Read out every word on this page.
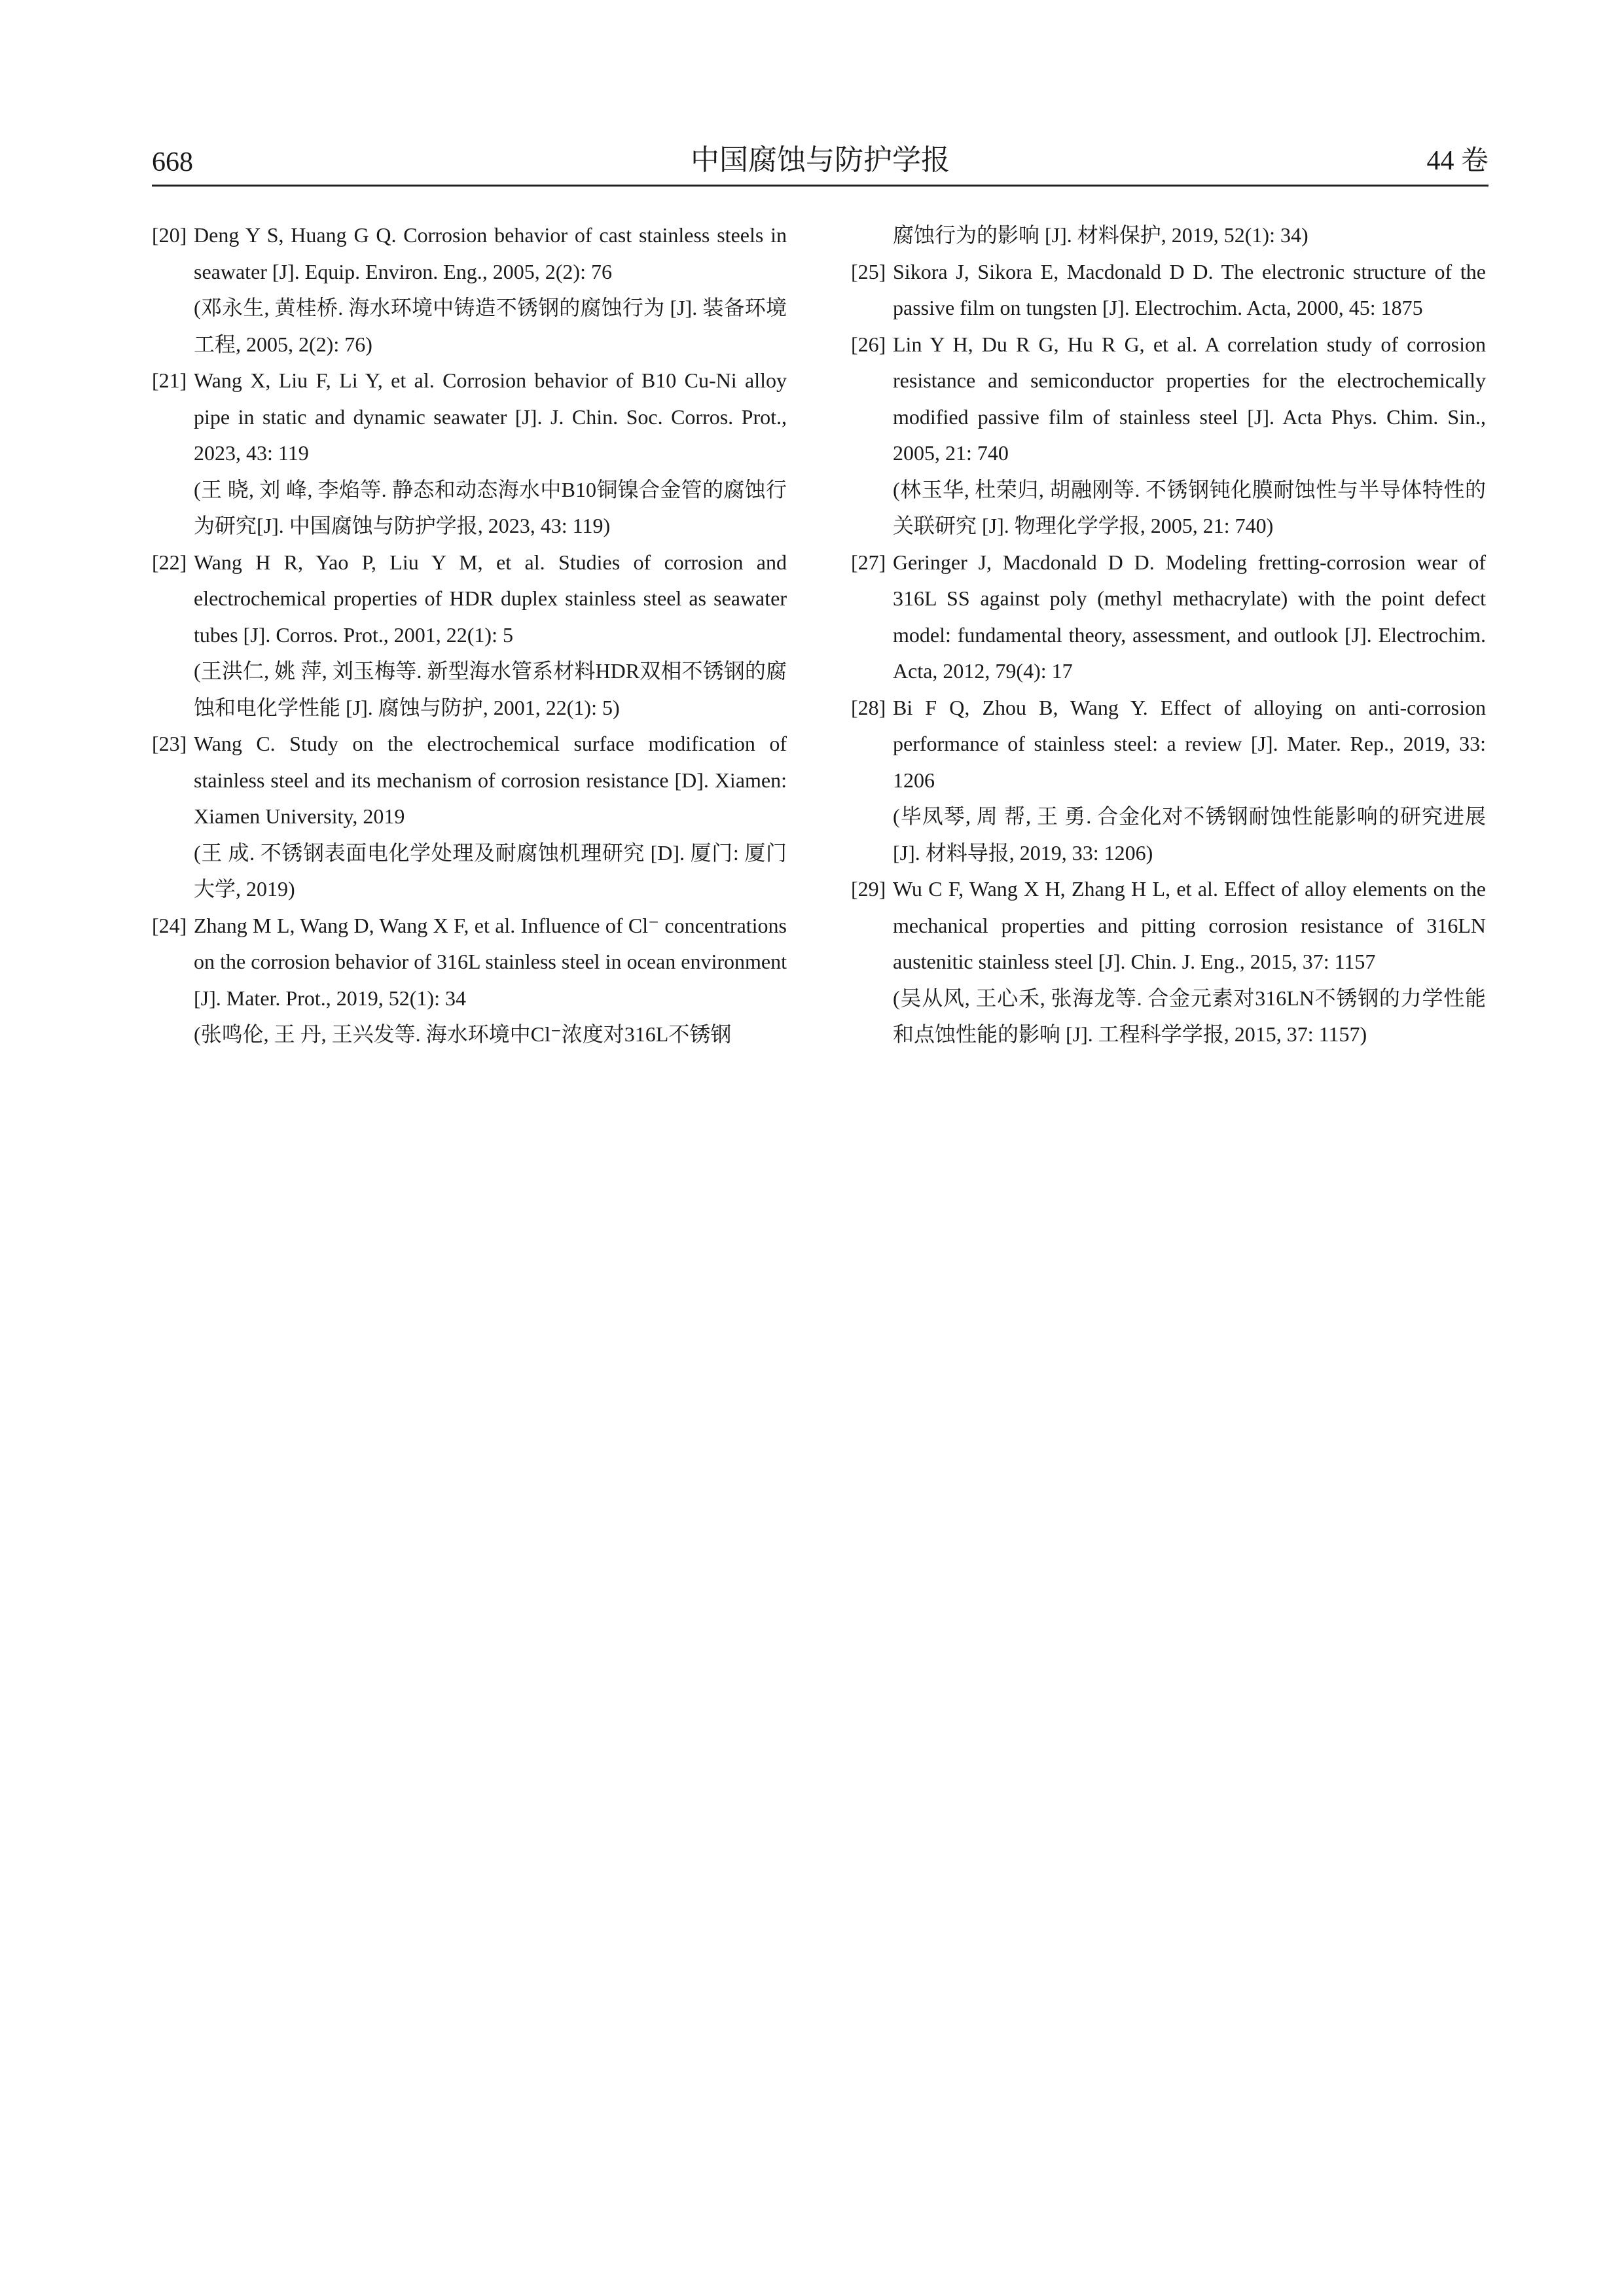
668	中国腐蚀与防护学报	44 卷
[20] Deng Y S, Huang G Q. Corrosion behavior of cast stainless steels in seawater [J]. Equip. Environ. Eng., 2005, 2(2): 76
(邓永生, 黄桂桥. 海水环境中铸造不锈钢的腐蚀行为 [J]. 装备环境工程, 2005, 2(2): 76)
[21] Wang X, Liu F, Li Y, et al. Corrosion behavior of B10 Cu-Ni alloy pipe in static and dynamic seawater [J]. J. Chin. Soc. Corros. Prot., 2023, 43: 119
(王 晓, 刘 峰, 李焰等. 静态和动态海水中B10铜镍合金管的腐蚀行为研究[J]. 中国腐蚀与防护学报, 2023, 43: 119)
[22] Wang H R, Yao P, Liu Y M, et al. Studies of corrosion and electrochemical properties of HDR duplex stainless steel as seawater tubes [J]. Corros. Prot., 2001, 22(1): 5
(王洪仁, 姚 萍, 刘玉梅等. 新型海水管系材料HDR双相不锈钢的腐蚀和电化学性能 [J]. 腐蚀与防护, 2001, 22(1): 5)
[23] Wang C. Study on the electrochemical surface modification of stainless steel and its mechanism of corrosion resistance [D]. Xiamen: Xiamen University, 2019
(王 成. 不锈钢表面电化学处理及耐腐蚀机理研究 [D]. 厦门: 厦门大学, 2019)
[24] Zhang M L, Wang D, Wang X F, et al. Influence of Cl⁻ concentrations on the corrosion behavior of 316L stainless steel in ocean environment [J]. Mater. Prot., 2019, 52(1): 34
(张鸣伦, 王 丹, 王兴发等. 海水环境中Cl⁻浓度对316L不锈钢
腐蚀行为的影响 [J]. 材料保护, 2019, 52(1): 34)
[25] Sikora J, Sikora E, Macdonald D D. The electronic structure of the passive film on tungsten [J]. Electrochim. Acta, 2000, 45: 1875
[26] Lin Y H, Du R G, Hu R G, et al. A correlation study of corrosion resistance and semiconductor properties for the electrochemically modified passive film of stainless steel [J]. Acta Phys. Chim. Sin., 2005, 21: 740
(林玉华, 杜荣归, 胡融刚等. 不锈钢钝化膜耐蚀性与半导体特性的关联研究 [J]. 物理化学学报, 2005, 21: 740)
[27] Geringer J, Macdonald D D. Modeling fretting-corrosion wear of 316L SS against poly (methyl methacrylate) with the point defect model: fundamental theory, assessment, and outlook [J]. Electrochim. Acta, 2012, 79(4): 17
[28] Bi F Q, Zhou B, Wang Y. Effect of alloying on anti-corrosion performance of stainless steel: a review [J]. Mater. Rep., 2019, 33: 1206
(毕凤琴, 周 帮, 王 勇. 合金化对不锈钢耐蚀性能影响的研究进展 [J]. 材料导报, 2019, 33: 1206)
[29] Wu C F, Wang X H, Zhang H L, et al. Effect of alloy elements on the mechanical properties and pitting corrosion resistance of 316LN austenitic stainless steel [J]. Chin. J. Eng., 2015, 37: 1157
(吴从风, 王心禾, 张海龙等. 合金元素对316LN不锈钢的力学性能和点蚀性能的影响 [J]. 工程科学学报, 2015, 37: 1157)
